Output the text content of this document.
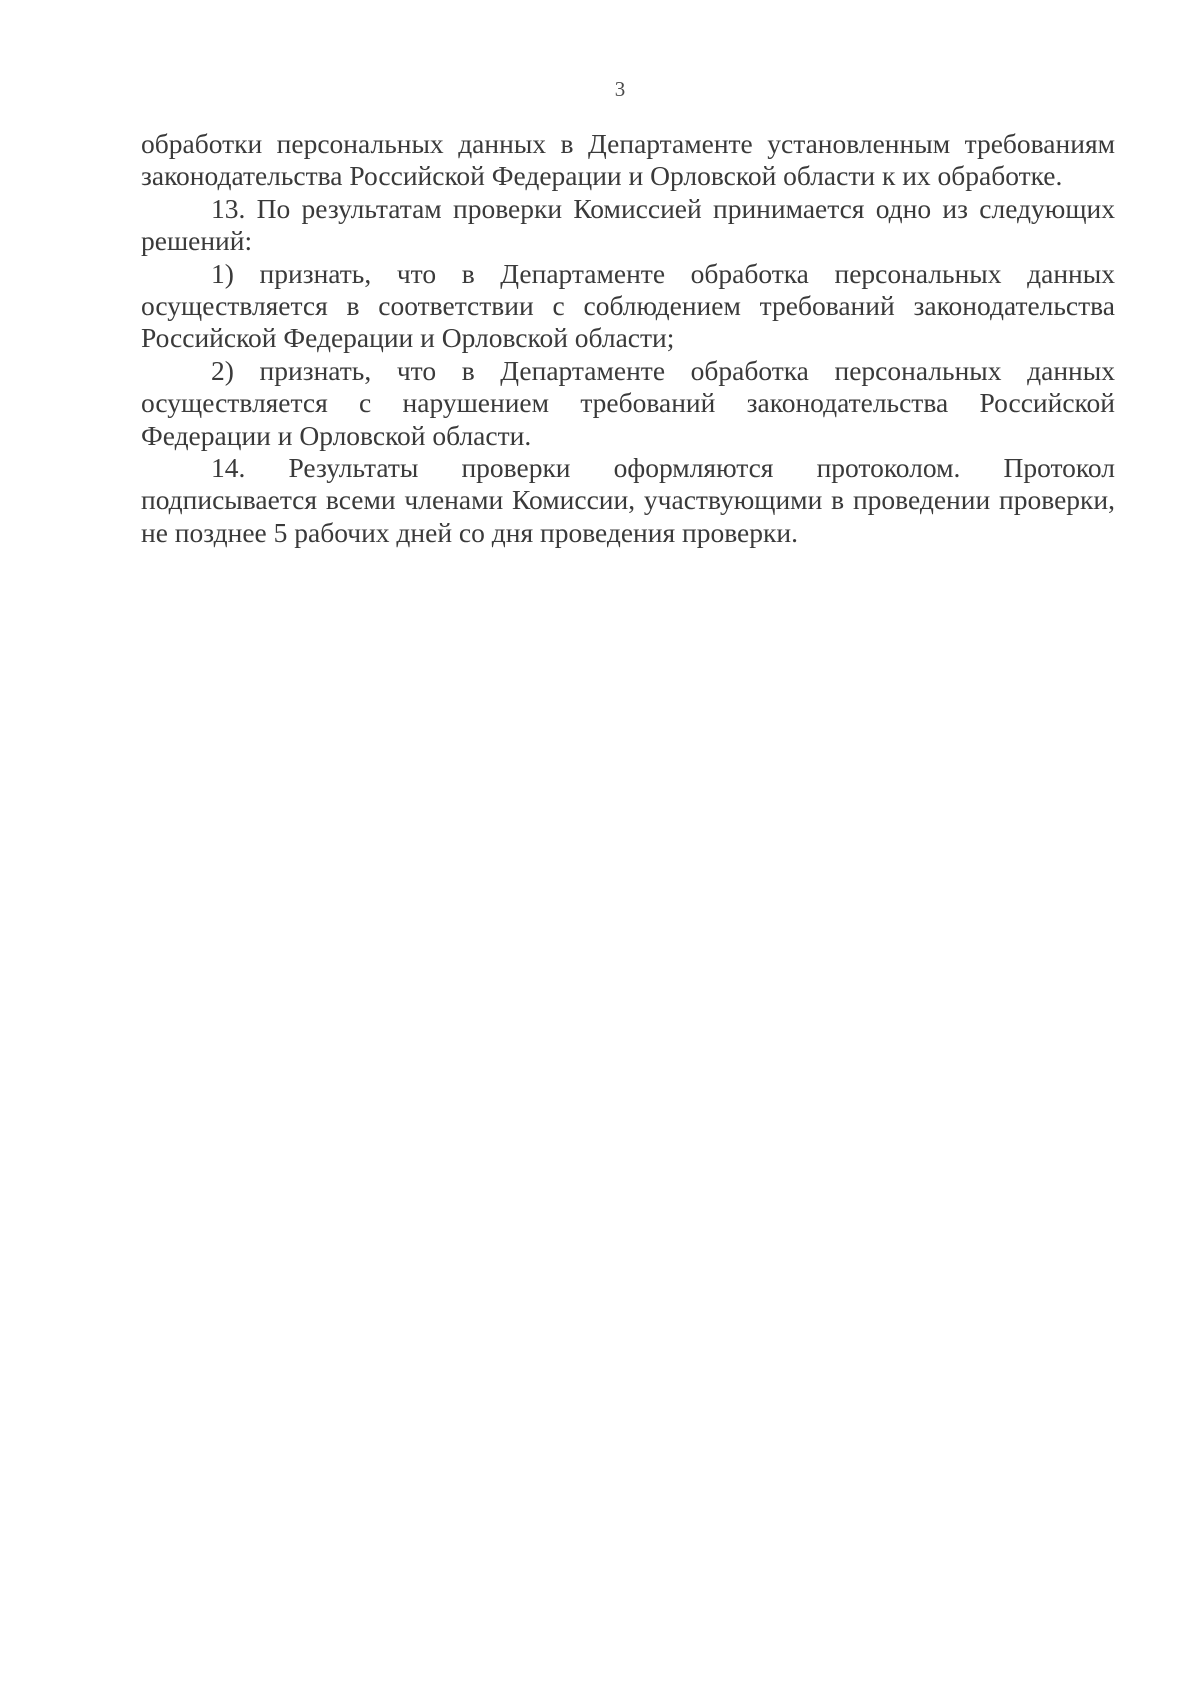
3

обработки персональных данных в Департаменте установленным требованиям законодательства Российской Федерации и Орловской области к их обработке.

13. По результатам проверки Комиссией принимается одно из следующих решений:

1) признать, что в Департаменте обработка персональных данных осуществляется в соответствии с соблюдением требований законодательства Российской Федерации и Орловской области;

2) признать, что в Департаменте обработка персональных данных осуществляется с нарушением требований законодательства Российской Федерации и Орловской области.

14. Результаты проверки оформляются протоколом. Протокол подписывается всеми членами Комиссии, участвующими в проведении проверки, не позднее 5 рабочих дней со дня проведения проверки.
